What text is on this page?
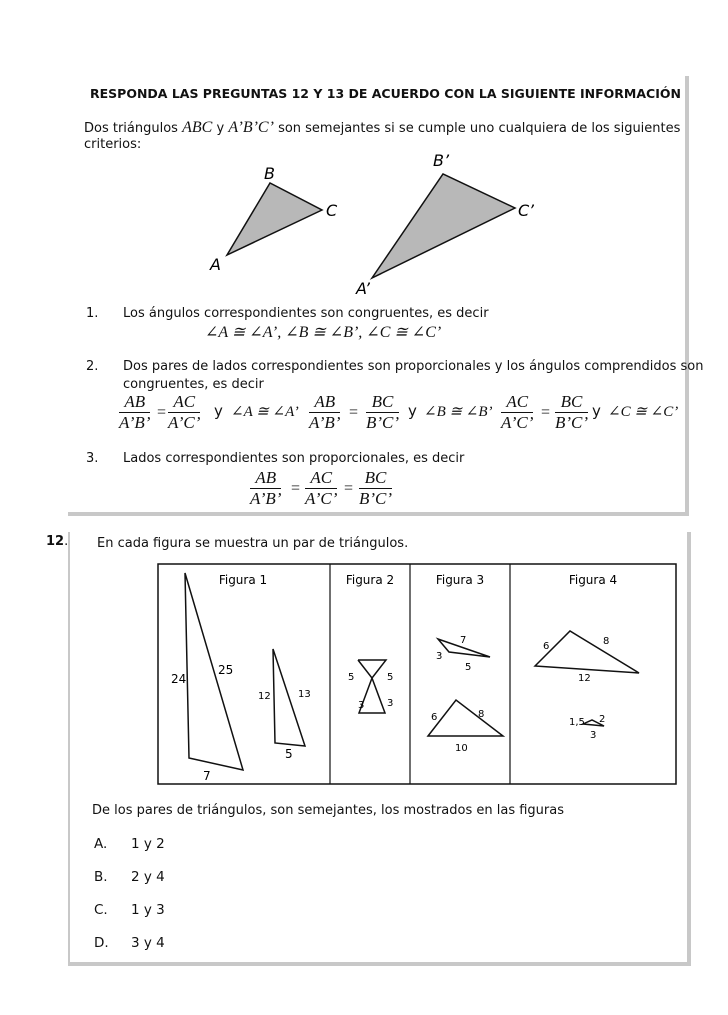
RESPONDA LAS PREGUNTAS 12 Y 13 DE ACUERDO CON LA SIGUIENTE INFORMACIÓN
Dos triángulos ABC y A’B’C’ son semejantes si se cumple uno cualquiera de los siguientes
criterios:
A
B
C
A’
B’
C’
1. Los ángulos correspondientes son congruentes, es decir
∠A ≅ ∠A’, ∠B ≅ ∠B’, ∠C ≅ ∠C’
2. Dos pares de lados correspondientes son proporcionales y los ángulos comprendidos son
congruentes, es decir
$\frac{AB}{A’B’} = \frac{AC}{A’C’}$ y ∠A ≅ ∠A’ $\frac{AB}{A’B’} = \frac{BC}{B’C’}$ y ∠B ≅ ∠B’ $\frac{AC}{A’C’} = \frac{BC}{B’C’}$ y ∠C ≅ ∠C’
3. Lados correspondientes son proporcionales, es decir
$\frac{AB}{A’B’} = \frac{AC}{A’C’} = \frac{BC}{B’C’}$
12. En cada figura se muestra un par de triángulos.
Figura 1	Figura 2	Figura 3	Figura 4
24
25
7
12	13
5
5	5
3 3
7
3
5
6	8
10
6	8
12
1,5 2
3
De los pares de triángulos, son semejantes, los mostrados en las figuras
A. 1 y 2
B. 2 y 4
C. 1 y 3
D. 3 y 4
